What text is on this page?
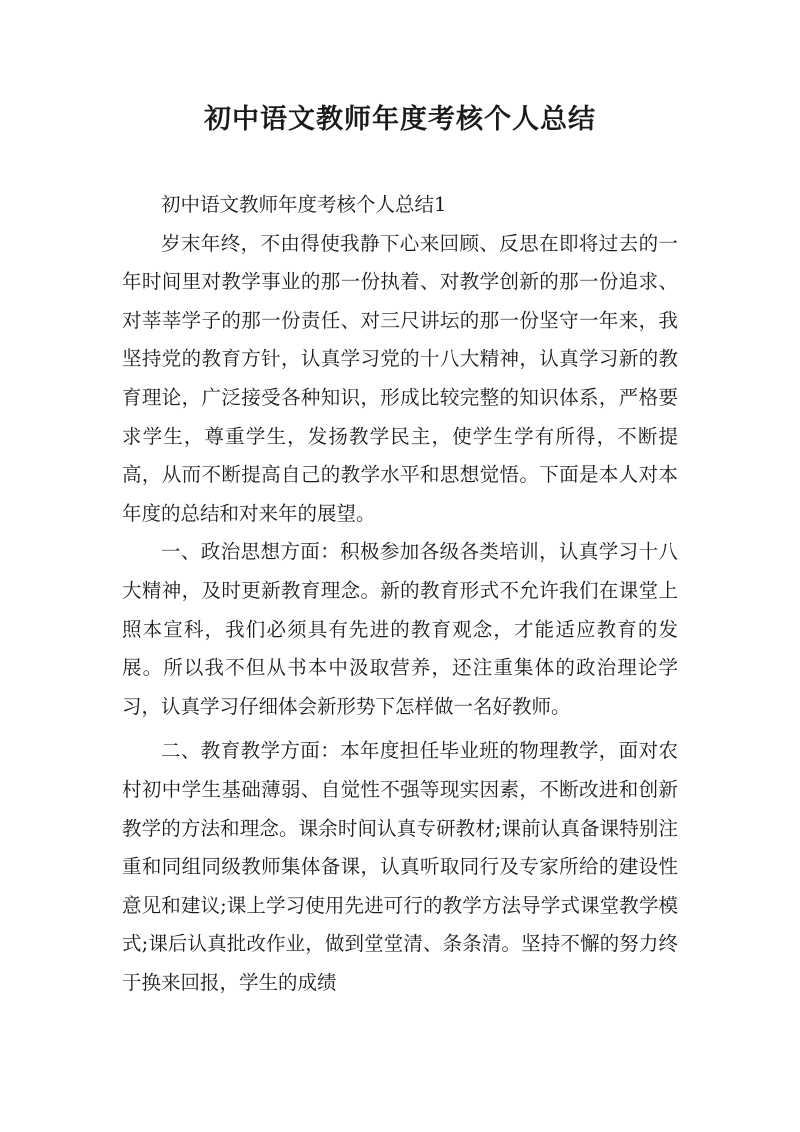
初中语文教师年度考核个人总结

初中语文教师年度考核个人总结1

岁末年终，不由得使我静下心来回顾、反思在即将过去的一年时间里对教学事业的那一份执着、对教学创新的那一份追求、对莘莘学子的那一份责任、对三尺讲坛的那一份坚守一年来，我坚持党的教育方针，认真学习党的十八大精神，认真学习新的教育理论，广泛接受各种知识，形成比较完整的知识体系，严格要求学生，尊重学生，发扬教学民主，使学生学有所得，不断提高，从而不断提高自己的教学水平和思想觉悟。下面是本人对本年度的总结和对来年的展望。

一、政治思想方面：积极参加各级各类培训，认真学习十八大精神，及时更新教育理念。新的教育形式不允许我们在课堂上照本宣科，我们必须具有先进的教育观念，才能适应教育的发展。所以我不但从书本中汲取营养，还注重集体的政治理论学习，认真学习仔细体会新形势下怎样做一名好教师。

二、教育教学方面：本年度担任毕业班的物理教学，面对农村初中学生基础薄弱、自觉性不强等现实因素，不断改进和创新教学的方法和理念。课余时间认真专研教材;课前认真备课特别注重和同组同级教师集体备课，认真听取同行及专家所给的建设性意见和建议;课上学习使用先进可行的教学方法导学式课堂教学模式;课后认真批改作业，做到堂堂清、条条清。坚持不懈的努力终于换来回报，学生的成绩
